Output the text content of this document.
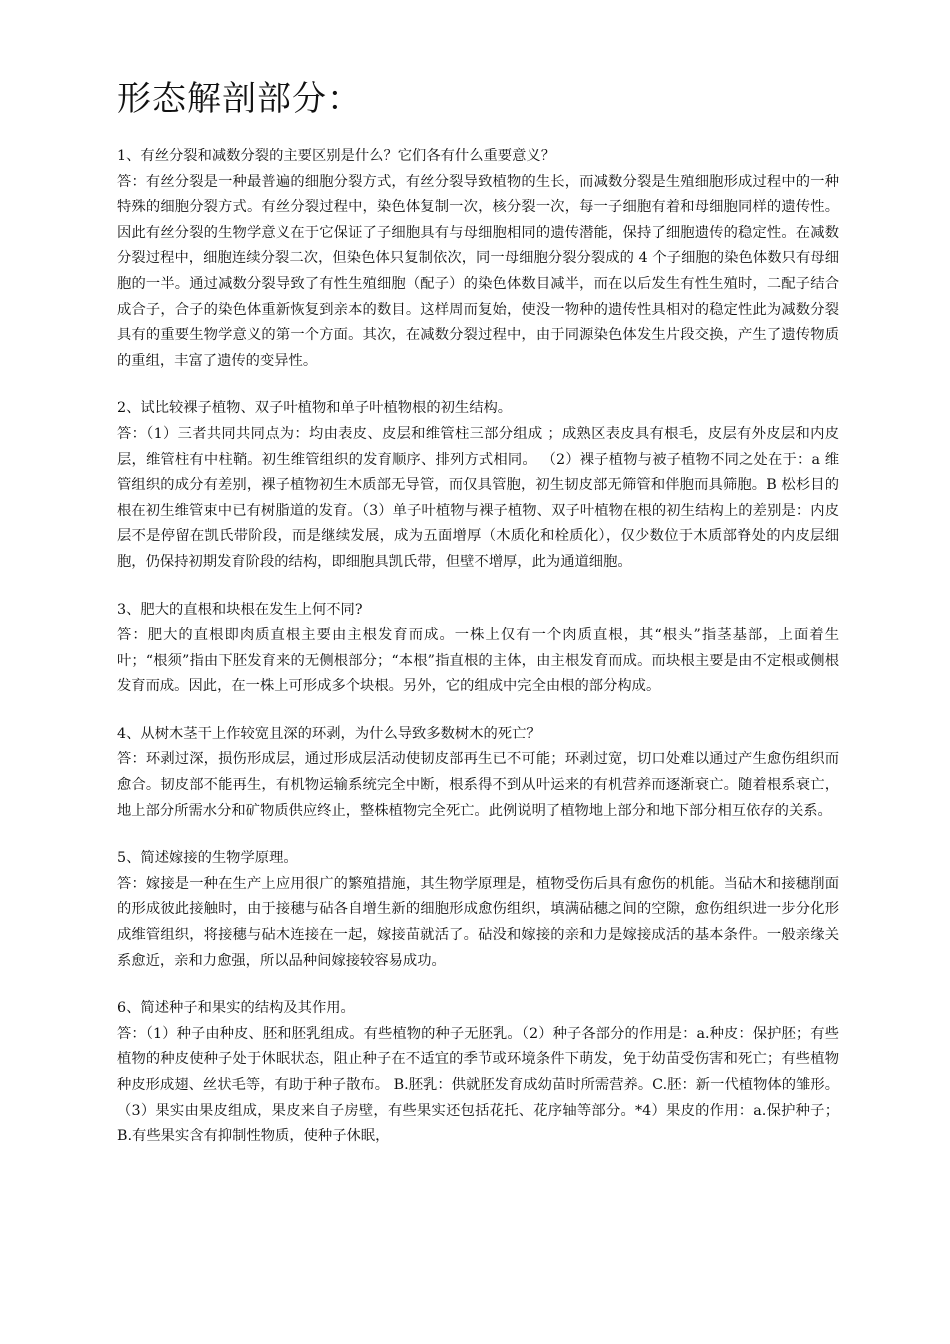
形态解剖部分：

1、有丝分裂和减数分裂的主要区别是什么？它们各有什么重要意义？

答：有丝分裂是一种最普遍的细胞分裂方式，有丝分裂导致植物的生长，而减数分裂是生殖细胞形成过程中的一种特殊的细胞分裂方式。有丝分裂过程中，染色体复制一次，核分裂一次，每一子细胞有着和母细胞同样的遗传性。因此有丝分裂的生物学意义在于它保证了子细胞具有与母细胞相同的遗传潜能，保持了细胞遗传的稳定性。在减数分裂过程中，细胞连续分裂二次，但染色体只复制依次，同一母细胞分裂分裂成的 4 个子细胞的染色体数只有母细胞的一半。通过减数分裂导致了有性生殖细胞（配子）的染色体数目减半，而在以后发生有性生殖时，二配子结合成合子，合子的染色体重新恢复到亲本的数目。这样周而复始，使没一物种的遗传性具相对的稳定性此为减数分裂具有的重要生物学意义的第一个方面。其次，在减数分裂过程中，由于同源染色体发生片段交换，产生了遗传物质的重组，丰富了遗传的变异性。

2、试比较裸子植物、双子叶植物和单子叶植物根的初生结构。

答：（1）三者共同共同点为：均由表皮、皮层和维管柱三部分组成 ；成熟区表皮具有根毛，皮层有外皮层和内皮层，维管柱有中柱鞘。初生维管组织的发育顺序、排列方式相同。 （2）裸子植物与被子植物不同之处在于：a 维管组织的成分有差别，裸子植物初生木质部无导管，而仅具管胞，初生韧皮部无筛管和伴胞而具筛胞。B 松杉目的根在初生维管束中已有树脂道的发育。（3）单子叶植物与裸子植物、双子叶植物在根的初生结构上的差别是：内皮层不是停留在凯氏带阶段，而是继续发展，成为五面增厚（木质化和栓质化），仅少数位于木质部脊处的内皮层细胞，仍保持初期发育阶段的结构，即细胞具凯氏带，但壁不增厚，此为通道细胞。

3、肥大的直根和块根在发生上何不同?

答：肥大的直根即肉质直根主要由主根发育而成。一株上仅有一个肉质直根，其“根头”指茎基部，上面着生叶；“根须”指由下胚发育来的无侧根部分；“本根”指直根的主体，由主根发育而成。而块根主要是由不定根或侧根发育而成。因此，在一株上可形成多个块根。另外，它的组成中完全由根的部分构成。

4、从树木茎干上作较宽且深的环剥，为什么导致多数树木的死亡？

答：环剥过深，损伤形成层，通过形成层活动使韧皮部再生已不可能；环剥过宽，切口处难以通过产生愈伤组织而愈合。韧皮部不能再生，有机物运输系统完全中断，根系得不到从叶运来的有机营养而逐渐衰亡。随着根系衰亡，地上部分所需水分和矿物质供应终止，整株植物完全死亡。此例说明了植物地上部分和地下部分相互依存的关系。

5、简述嫁接的生物学原理。

答：嫁接是一种在生产上应用很广的繁殖措施，其生物学原理是，植物受伤后具有愈伤的机能。当砧木和接穗削面的形成彼此接触时，由于接穗与砧各自增生新的细胞形成愈伤组织，填满砧穗之间的空隙，愈伤组织进一步分化形成维管组织，将接穗与砧木连接在一起，嫁接苗就活了。砧没和嫁接的亲和力是嫁接成活的基本条件。一般亲缘关系愈近，亲和力愈强，所以品种间嫁接较容易成功。

6、简述种子和果实的结构及其作用。

答：（1）种子由种皮、胚和胚乳组成。有些植物的种子无胚乳。（2）种子各部分的作用是：a.种皮：保护胚；有些植物的种皮使种子处于休眠状态，阻止种子在不适宜的季节或环境条件下萌发，免于幼苗受伤害和死亡；有些植物种皮形成翅、丝状毛等，有助于种子散布。 B.胚乳：供就胚发育成幼苗时所需营养。C.胚：新一代植物体的雏形。（3）果实由果皮组成，果皮来自子房壁，有些果实还包括花托、花序轴等部分。*4）果皮的作用：a.保护种子；B.有些果实含有抑制性物质，使种子休眠，
